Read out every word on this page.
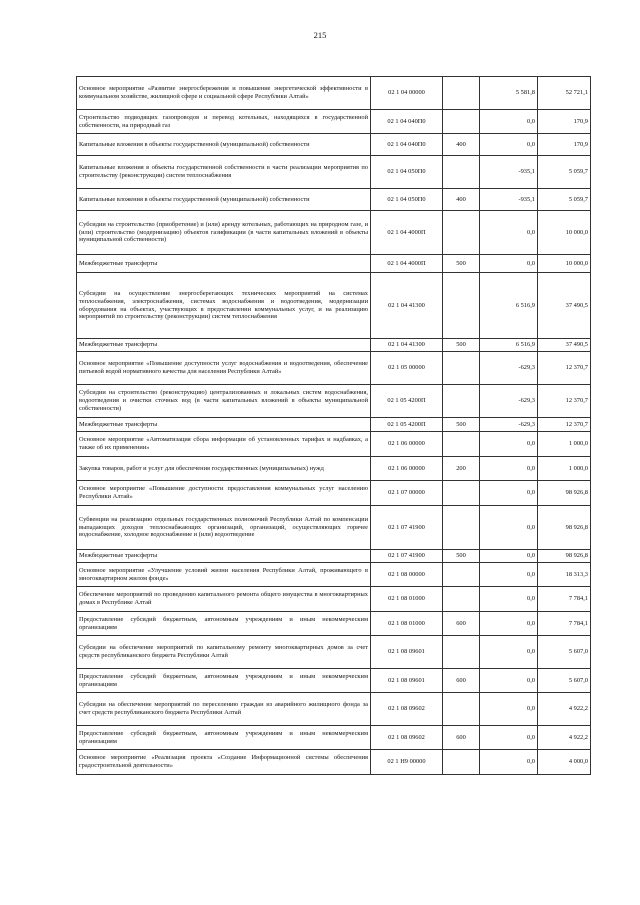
215
Основное мероприятие «Развитие энергосбережения и повышение энергетической эффективности в коммунальном хозяйстве, жилищной сфере и социальной сфере Республики Алтай»	02 1 04 00000		5 581,8	52 721,1
Строительство подводящих газопроводов и перевод котельных, находящихся в государственной собственности, на природный газ	02 1 04 040П0		0,0	170,9
Капитальные вложения в объекты государственной (муниципальной) собственности	02 1 04 040П0	400	0,0	170,9
Капитальные вложения в объекты государственной собственности в части реализации мероприятия по строительству (реконструкции) систем теплоснабжения	02 1 04 050П0		-935,1	5 059,7
Капитальные вложения в объекты государственной (муниципальной) собственности	02 1 04 050П0	400	-935,1	5 059,7
Субсидии на строительство (приобретение) и (или) аренду котельных, работающих на природном газе, и (или) строительство (модернизацию) объектов газификации (в части капитальных вложений в объекты муниципальной собственности)	02 1 04 4000П		0,0	10 000,0
Межбюджетные трансферты	02 1 04 4000П	500	0,0	10 000,0
Субсидии на осуществление энергосберегающих технических мероприятий на системах теплоснабжения, электроснабжения, системах водоснабжения и водоотведения, модернизации оборудования на объектах, участвующих в предоставлении коммунальных услуг, и на реализацию мероприятий по строительству (реконструкции) систем теплоснабжения	02 1 04 41300		6 516,9	37 490,5
Межбюджетные трансферты	02 1 04 41300	500	6 516,9	37 490,5
Основное мероприятие «Повышение доступности услуг водоснабжения и водоотведения, обеспечение питьевой водой нормативного качества для населения Республики Алтай»	02 1 05 00000		-629,3	12 370,7
Субсидии на строительство (реконструкцию) централизованных и локальных систем водоснабжения, водоотведения и очистки сточных вод (в части капитальных вложений в объекты муниципальной собственности)	02 1 05 4200П		-629,3	12 370,7
Межбюджетные трансферты	02 1 05 4200П	500	-629,3	12 370,7
Основное мероприятие «Автоматизация сбора информации об установленных тарифах и надбавках, а также об их применении»	02 1 06 00000		0,0	1 000,0
Закупка товаров, работ и услуг для обеспечения государственных (муниципальных) нужд	02 1 06 00000	200	0,0	1 000,0
Основное мероприятие «Повышение доступности предоставления коммунальных услуг населению Республики Алтай»	02 1 07 00000		0,0	98 926,8
Субвенции на реализацию отдельных государственных полномочий Республики Алтай по компенсации выпадающих доходов теплоснабжающих организаций, организаций, осуществляющих горячее водоснабжение, холодное водоснабжение и (или) водоотведение	02 1 07 41900		0,0	98 926,8
Межбюджетные трансферты	02 1 07 41900	500	0,0	98 926,8
Основное мероприятие «Улучшение условий жизни населения Республики Алтай, проживающего в многоквартирном жилом фонде»	02 1 08 00000		0,0	18 313,3
Обеспечение мероприятий по проведению капитального ремонта общего имущества в многоквартирных домах в Республике Алтай	02 1 08 01000		0,0	7 784,1
Предоставление субсидий бюджетным, автономным учреждениям и иным некоммерческим организациям	02 1 08 01000	600	0,0	7 784,1
Субсидии на обеспечение мероприятий по капитальному ремонту многоквартирных домов за счет средств республиканского бюджета Республики Алтай	02 1 08 09601		0,0	5 607,0
Предоставление субсидий бюджетным, автономным учреждениям и иным некоммерческим организациям	02 1 08 09601	600	0,0	5 607,0
Субсидии на обеспечение мероприятий по переселению граждан из аварийного жилищного фонда за счет средств республиканского бюджета Республики Алтай	02 1 08 09602		0,0	4 922,2
Предоставление субсидий бюджетным, автономным учреждениям и иным некоммерческим организациям	02 1 08 09602	600	0,0	4 922,2
Основное мероприятие «Реализация проекта «Создание Информационной системы обеспечения градостроительной деятельности»	02 1 Н9 00000		0,0	4 000,0
